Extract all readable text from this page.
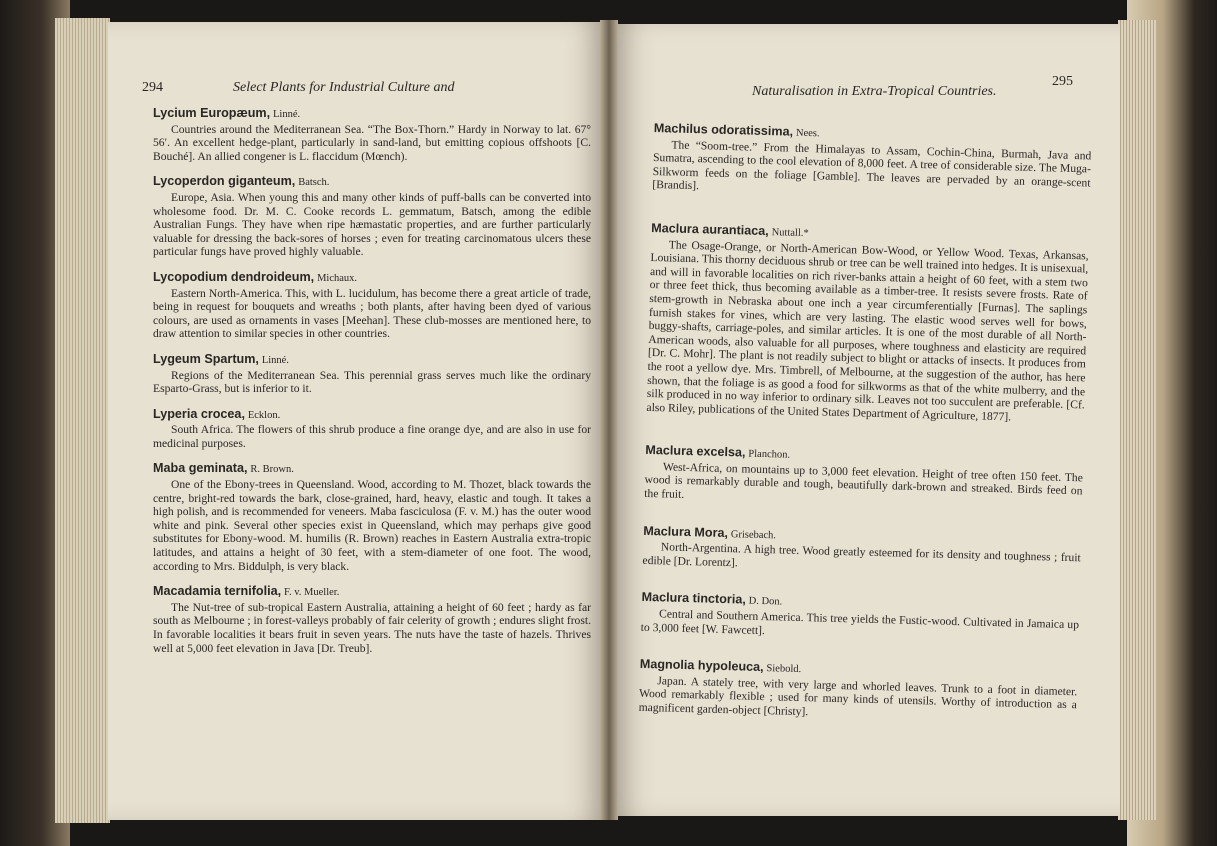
294	Select Plants for Industrial Culture and
Lycium Europæum, Linné.

Countries around the Mediterranean Sea. “The Box-Thorn.” Hardy in Norway to lat. 67° 56′. An excellent hedge-plant, particularly in sand-land, but emitting copious offshoots [C. Bouché]. An allied congener is L. flaccidum (Mœnch).

Lycoperdon giganteum, Batsch.

Europe, Asia. When young this and many other kinds of puff-balls can be converted into wholesome food. Dr. M. C. Cooke records L. gemmatum, Batsch, among the edible Australian Fungs. They have when ripe hæmastatic properties, and are further particularly valuable for dressing the back-sores of horses ; even for treating carcinomatous ulcers these particular fungs have proved highly valuable.

Lycopodium dendroideum, Michaux.

Eastern North-America. This, with L. lucidulum, has become there a great article of trade, being in request for bouquets and wreaths ; both plants, after having been dyed of various colours, are used as ornaments in vases [Meehan]. These club-mosses are mentioned here, to draw attention to similar species in other countries.

Lygeum Spartum, Linné.

Regions of the Mediterranean Sea. This perennial grass serves much like the ordinary Esparto-Grass, but is inferior to it.

Lyperia crocea, Ecklon.

South Africa. The flowers of this shrub produce a fine orange dye, and are also in use for medicinal purposes.

Maba geminata, R. Brown.

One of the Ebony-trees in Queensland. Wood, according to M. Thozet, black towards the centre, bright-red towards the bark, close-grained, hard, heavy, elastic and tough. It takes a high polish, and is recommended for veneers. Maba fasciculosa (F. v. M.) has the outer wood white and pink. Several other species exist in Queensland, which may perhaps give good substitutes for Ebony-wood. M. humilis (R. Brown) reaches in Eastern Australia extra-tropic latitudes, and attains a height of 30 feet, with a stem-diameter of one foot. The wood, according to Mrs. Biddulph, is very black.

Macadamia ternifolia, F. v. Mueller.

The Nut-tree of sub-tropical Eastern Australia, attaining a height of 60 feet ; hardy as far south as Melbourne ; in forest-valleys probably of fair celerity of growth ; endures slight frost. In favorable localities it bears fruit in seven years. The nuts have the taste of hazels. Thrives well at 5,000 feet elevation in Java [Dr. Treub].

Naturalisation in Extra-Tropical Countries.
295
Machilus odoratissima, Nees.

The “Soom-tree.” From the Himalayas to Assam, Cochin-China, Burmah, Java and Sumatra, ascending to the cool elevation of 8,000 feet. A tree of considerable size. The Muga-Silkworm feeds on the foliage [Gamble]. The leaves are pervaded by an orange-scent [Brandis].

Maclura aurantiaca, Nuttall.*

The Osage-Orange, or North-American Bow-Wood, or Yellow Wood. Texas, Arkansas, Louisiana. This thorny deciduous shrub or tree can be well trained into hedges. It is unisexual, and will in favorable localities on rich river-banks attain a height of 60 feet, with a stem two or three feet thick, thus becoming available as a timber-tree. It resists severe frosts. Rate of stem-growth in Nebraska about one inch a year circumferentially [Furnas]. The saplings furnish stakes for vines, which are very lasting. The elastic wood serves well for bows, buggy-shafts, carriage-poles, and similar articles. It is one of the most durable of all North-American woods, also valuable for all purposes, where toughness and elasticity are required [Dr. C. Mohr]. The plant is not readily subject to blight or attacks of insects. It produces from the root a yellow dye. Mrs. Timbrell, of Melbourne, at the suggestion of the author, has here shown, that the foliage is as good a food for silkworms as that of the white mulberry, and the silk produced in no way inferior to ordinary silk. Leaves not too succulent are preferable. [Cf. also Riley, publications of the United States Department of Agriculture, 1877].

Maclura excelsa, Planchon.

West-Africa, on mountains up to 3,000 feet elevation. Height of tree often 150 feet. The wood is remarkably durable and tough, beautifully dark-brown and streaked. Birds feed on the fruit.

Maclura Mora, Grisebach.

North-Argentina. A high tree. Wood greatly esteemed for its density and toughness ; fruit edible [Dr. Lorentz].

Maclura tinctoria, D. Don.

Central and Southern America. This tree yields the Fustic-wood. Cultivated in Jamaica up to 3,000 feet [W. Fawcett].

Magnolia hypoleuca, Siebold.

Japan. A stately tree, with very large and whorled leaves. Trunk to a foot in diameter. Wood remarkably flexible ; used for many kinds of utensils. Worthy of introduction as a magnificent garden-object [Christy].
